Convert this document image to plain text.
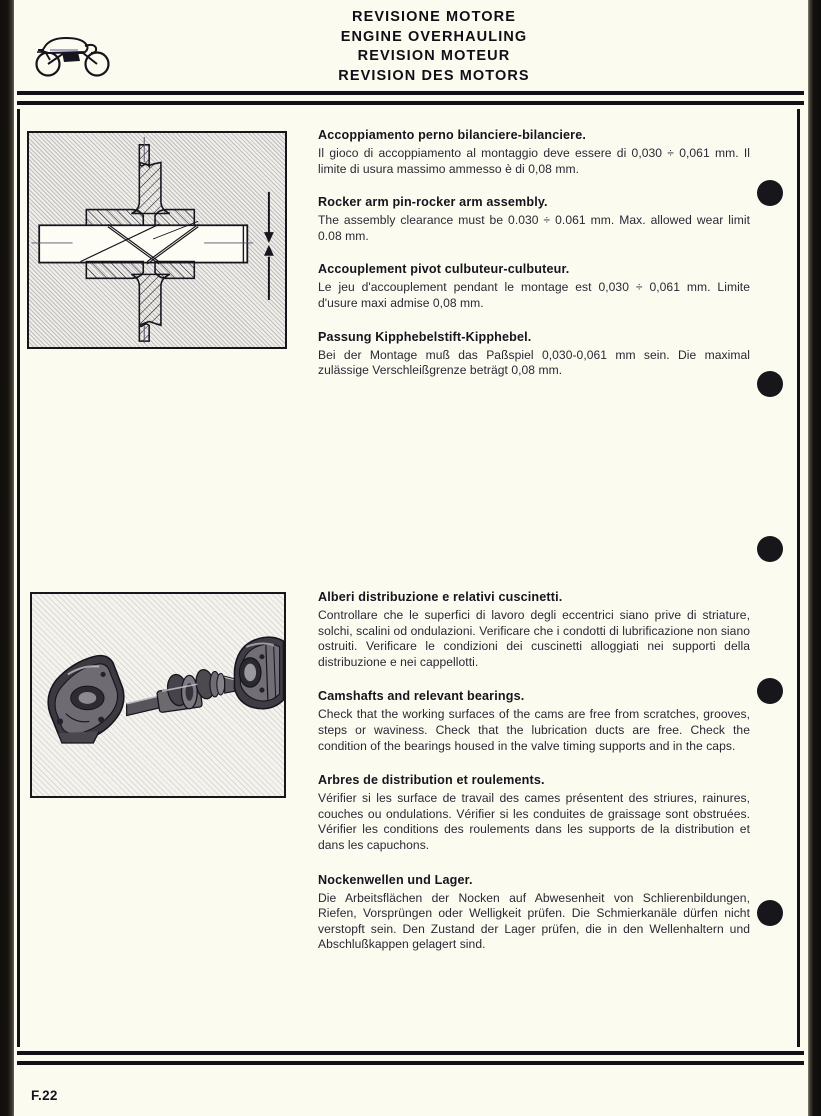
REVISIONE MOTORE
ENGINE OVERHAULING
REVISION MOTEUR
REVISION DES MOTORS
Accoppiamento perno bilanciere-bilanciere.
Il gioco di accoppiamento al montaggio deve essere di 0,030 ÷ 0,061 mm. Il limite di usura massimo ammesso è di 0,08 mm.
Rocker arm pin-rocker arm assembly.
The assembly clearance must be 0.030 ÷ 0.061 mm. Max. allowed wear limit 0.08 mm.
Accouplement pivot culbuteur-culbuteur.
Le jeu d'accouplement pendant le montage est 0,030 ÷ 0,061 mm. Limite d'usure maxi admise 0,08 mm.
Passung Kipphebelstift-Kipphebel.
Bei der Montage muß das Paßspiel 0,030-0,061 mm sein. Die maximal zulässige Verschleißgrenze beträgt 0,08 mm.
Alberi distribuzione e relativi cuscinetti.
Controllare che le superfici di lavoro degli eccentrici siano prive di striature, solchi, scalini od ondulazioni. Verificare che i condotti di lubrificazione non siano ostruiti. Verificare le condizioni dei cuscinetti alloggiati nei supporti della distribuzione e nei cappellotti.
Camshafts and relevant bearings.
Check that the working surfaces of the cams are free from scratches, grooves, steps or waviness. Check that the lubrication ducts are free. Check the condition of the bearings housed in the valve timing supports and in the caps.
Arbres de distribution et roulements.
Vérifier si les surface de travail des cames présentent des striures, rainures, couches ou ondulations. Vérifier si les conduites de graissage sont obstruées. Vérifier les conditions des roulements dans les supports de la distribution et dans les capuchons.
Nockenwellen und Lager.
Die Arbeitsflächen der Nocken auf Abwesenheit von Schlierenbildungen, Riefen, Vorsprüngen oder Welligkeit prüfen. Die Schmierkanäle dürfen nicht verstopft sein. Den Zustand der Lager prüfen, die in den Wellenhaltern und Abschlußkappen gelagert sind.
F.22
